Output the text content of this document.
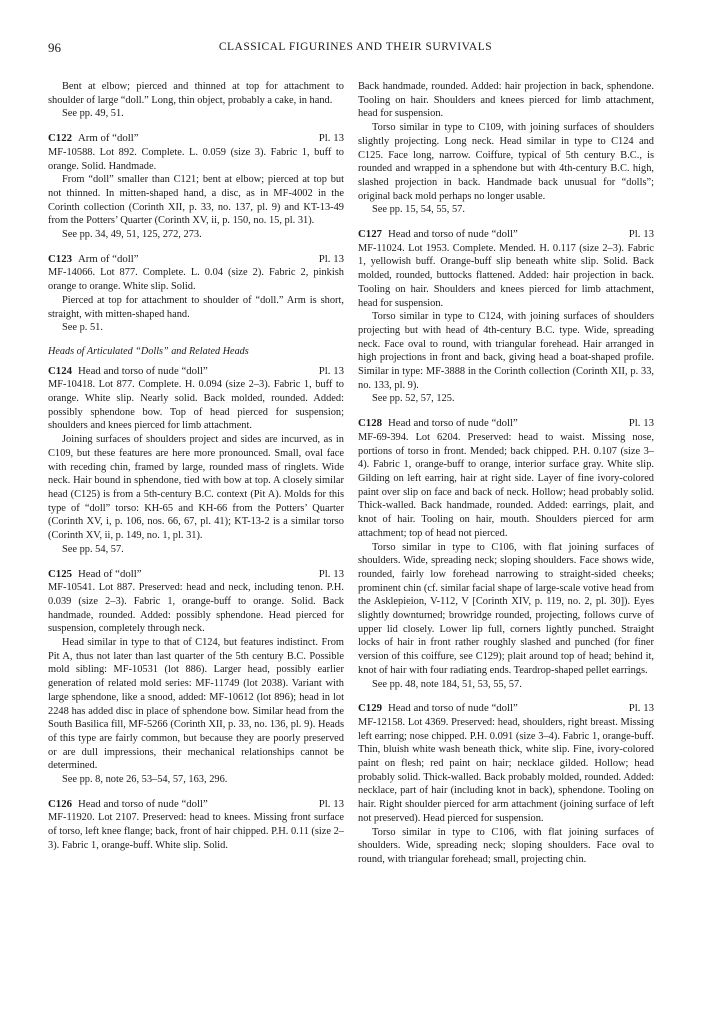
96	CLASSICAL FIGURINES AND THEIR SURVIVALS

Bent at elbow; pierced and thinned at top for attachment to shoulder of large “doll.” Long, thin object, probably a cake, in hand.

See pp. 49, 51.

C122 Arm of “doll”	Pl. 13

MF-10588. Lot 892. Complete. L. 0.059 (size 3). Fabric 1, buff to orange. Solid. Handmade.

From “doll” smaller than C121; bent at elbow; pierced at top but not thinned. In mitten-shaped hand, a disc, as in MF-4002 in the Corinth collection (Corinth XII, p. 33, no. 137, pl. 9) and KT-13-49 from the Potters’ Quarter (Corinth XV, ii, p. 150, no. 15, pl. 31).

See pp. 34, 49, 51, 125, 272, 273.

C123 Arm of “doll”	Pl. 13

MF-14066. Lot 877. Complete. L. 0.04 (size 2). Fabric 2, pinkish orange to orange. White slip. Solid.

Pierced at top for attachment to shoulder of “doll.” Arm is short, straight, with mitten-shaped hand.

See p. 51.

Heads of Articulated “Dolls” and Related Heads
C124 Head and torso of nude “doll”	Pl. 13

MF-10418. Lot 877. Complete. H. 0.094 (size 2–3). Fabric 1, buff to orange. White slip. Nearly solid. Back molded, rounded. Added: possibly sphendone bow. Top of head pierced for suspension; shoulders and knees pierced for limb attachment.

Joining surfaces of shoulders project and sides are incurved, as in C109, but these features are here more pronounced. Small, oval face with receding chin, framed by large, rounded mass of ringlets. Wide neck. Hair bound in sphendone, tied with bow at top. A closely similar head (C125) is from a 5th-century B.C. context (Pit A). Molds for this type of “doll” torso: KH-65 and KH-66 from the Potters’ Quarter (Corinth XV, i, p. 106, nos. 66, 67, pl. 41); KT-13-2 is a similar torso (Corinth XV, ii, p. 149, no. 1, pl. 31).

See pp. 54, 57.

C125 Head of “doll”	Pl. 13

MF-10541. Lot 887. Preserved: head and neck, including tenon. P.H. 0.039 (size 2–3). Fabric 1, orange-buff to orange. Solid. Back handmade, rounded. Added: possibly sphendone. Head pierced for suspension, completely through neck.

Head similar in type to that of C124, but features indistinct. From Pit A, thus not later than last quarter of the 5th century B.C. Possible mold sibling: MF-10531 (lot 886). Larger head, possibly earlier generation of related mold series: MF-11749 (lot 2038). Variant with large sphendone, like a snood, added: MF-10612 (lot 896); head in lot 2248 has added disc in place of sphendone bow. Similar head from the South Basilica fill, MF-5266 (Corinth XII, p. 33, no. 136, pl. 9). Heads of this type are fairly common, but because they are poorly preserved or are dull impressions, their mechanical relationships cannot be determined.

See pp. 8, note 26, 53–54, 57, 163, 296.

C126 Head and torso of nude “doll”	Pl. 13

MF-11920. Lot 2107. Preserved: head to knees. Missing front surface of torso, left knee flange; back, front of hair chipped. P.H. 0.11 (size 2–3). Fabric 1, orange-buff. White slip. Solid.

Back handmade, rounded. Added: hair projection in back, sphendone. Tooling on hair. Shoulders and knees pierced for limb attachment, head for suspension.

Torso similar in type to C109, with joining surfaces of shoulders slightly projecting. Long neck. Head similar in type to C124 and C125. Face long, narrow. Coiffure, typical of 5th century B.C., is rounded and wrapped in a sphendone but with 4th-century B.C. high, slashed projection in back. Handmade back unusual for “dolls”; original back mold perhaps no longer usable.

See pp. 15, 54, 55, 57.

C127 Head and torso of nude “doll”	Pl. 13

MF-11024. Lot 1953. Complete. Mended. H. 0.117 (size 2–3). Fabric 1, yellowish buff. Orange-buff slip beneath white slip. Solid. Back molded, rounded, buttocks flattened. Added: hair projection in back. Tooling on hair. Shoulders and knees pierced for limb attachment, head for suspension.

Torso similar in type to C124, with joining surfaces of shoulders projecting but with head of 4th-century B.C. type. Wide, spreading neck. Face oval to round, with triangular forehead. Hair arranged in high projections in front and back, giving head a boat-shaped profile. Similar in type: MF-3888 in the Corinth collection (Corinth XII, p. 33, no. 133, pl. 9).

See pp. 52, 57, 125.

C128 Head and torso of nude “doll”	Pl. 13

MF-69-394. Lot 6204. Preserved: head to waist. Missing nose, portions of torso in front. Mended; back chipped. P.H. 0.107 (size 3–4). Fabric 1, orange-buff to orange, interior surface gray. White slip. Gilding on left earring, hair at right side. Layer of fine ivory-colored paint over slip on face and back of neck. Hollow; head probably solid. Thick-walled. Back handmade, rounded. Added: earrings, plait, and knot of hair. Tooling on hair, mouth. Shoulders pierced for arm attachment; top of head not pierced.

Torso similar in type to C106, with flat joining surfaces of shoulders. Wide, spreading neck; sloping shoulders. Face shows wide, rounded, fairly low forehead narrowing to straight-sided cheeks; prominent chin (cf. similar facial shape of large-scale votive head from the Asklepieion, V-112, V [Corinth XIV, p. 119, no. 2, pl. 30]). Eyes slightly downturned; browridge rounded, projecting, follows curve of upper lid closely. Lower lip full, corners lightly punched. Straight locks of hair in front rather roughly slashed and punched (for finer version of this coiffure, see C129); plait around top of head; behind it, knot of hair with four radiating ends. Teardrop-shaped pellet earrings.

See pp. 48, note 184, 51, 53, 55, 57.

C129 Head and torso of nude “doll”	Pl. 13

MF-12158. Lot 4369. Preserved: head, shoulders, right breast. Missing left earring; nose chipped. P.H. 0.091 (size 3–4). Fabric 1, orange-buff. Thin, bluish white wash beneath thick, white slip. Fine, ivory-colored paint on flesh; red paint on hair; necklace gilded. Hollow; head probably solid. Thick-walled. Back probably molded, rounded. Added: necklace, part of hair (including knot in back), sphendone. Tooling on hair. Right shoulder pierced for arm attachment (joining surface of left not preserved). Head pierced for suspension.

Torso similar in type to C106, with flat joining surfaces of shoulders. Wide, spreading neck; sloping shoulders. Face oval to round, with triangular forehead; small, projecting chin.
